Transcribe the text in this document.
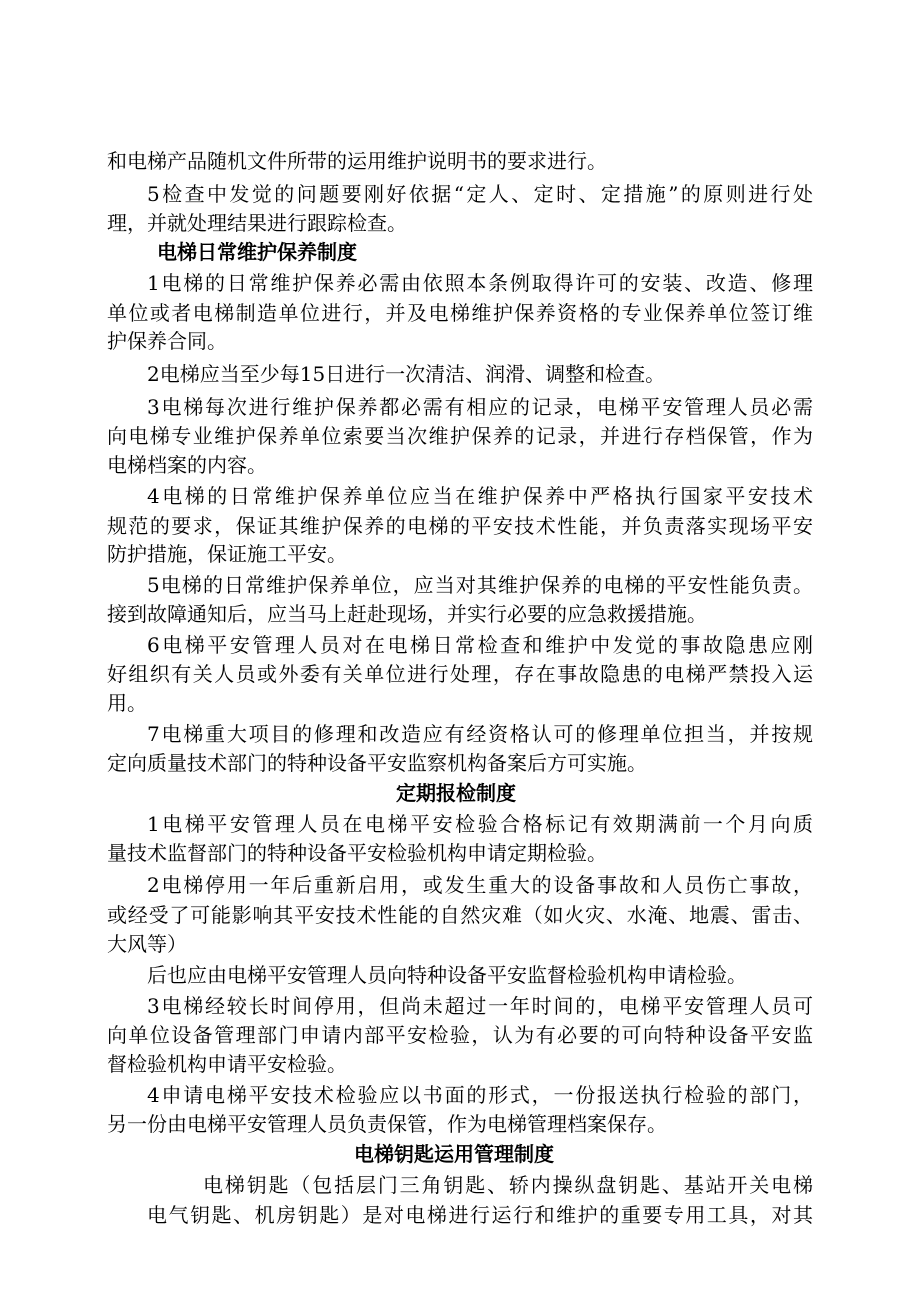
和电梯产品随机文件所带的运用维护说明书的要求进行。
5检查中发觉的问题要刚好依据“定人、定时、定措施”的原则进行处
理，并就处理结果进行跟踪检查。
电梯日常维护保养制度
1电梯的日常维护保养必需由依照本条例取得许可的安装、改造、修理
单位或者电梯制造单位进行，并及电梯维护保养资格的专业保养单位签订维
护保养合同。
2电梯应当至少每15日进行一次清洁、润滑、调整和检查。
3电梯每次进行维护保养都必需有相应的记录，电梯平安管理人员必需
向电梯专业维护保养单位索要当次维护保养的记录，并进行存档保管，作为
电梯档案的内容。
4电梯的日常维护保养单位应当在维护保养中严格执行国家平安技术
规范的要求，保证其维护保养的电梯的平安技术性能，并负责落实现场平安
防护措施，保证施工平安。
5电梯的日常维护保养单位，应当对其维护保养的电梯的平安性能负责。
接到故障通知后，应当马上赶赴现场，并实行必要的应急救援措施。
6电梯平安管理人员对在电梯日常检查和维护中发觉的事故隐患应刚
好组织有关人员或外委有关单位进行处理，存在事故隐患的电梯严禁投入运
用。
7电梯重大项目的修理和改造应有经资格认可的修理单位担当，并按规
定向质量技术部门的特种设备平安监察机构备案后方可实施。
定期报检制度
1电梯平安管理人员在电梯平安检验合格标记有效期满前一个月向质
量技术监督部门的特种设备平安检验机构申请定期检验。
2电梯停用一年后重新启用，或发生重大的设备事故和人员伤亡事故，
或经受了可能影响其平安技术性能的自然灾难（如火灾、水淹、地震、雷击、
大风等）
后也应由电梯平安管理人员向特种设备平安监督检验机构申请检验。
3电梯经较长时间停用，但尚未超过一年时间的，电梯平安管理人员可
向单位设备管理部门申请内部平安检验，认为有必要的可向特种设备平安监
督检验机构申请平安检验。
4申请电梯平安技术检验应以书面的形式，一份报送执行检验的部门，
另一份由电梯平安管理人员负责保管，作为电梯管理档案保存。
电梯钥匙运用管理制度
电梯钥匙（包括层门三角钥匙、轿内操纵盘钥匙、基站开关电梯
电气钥匙、机房钥匙）是对电梯进行运行和维护的重要专用工具，对其
